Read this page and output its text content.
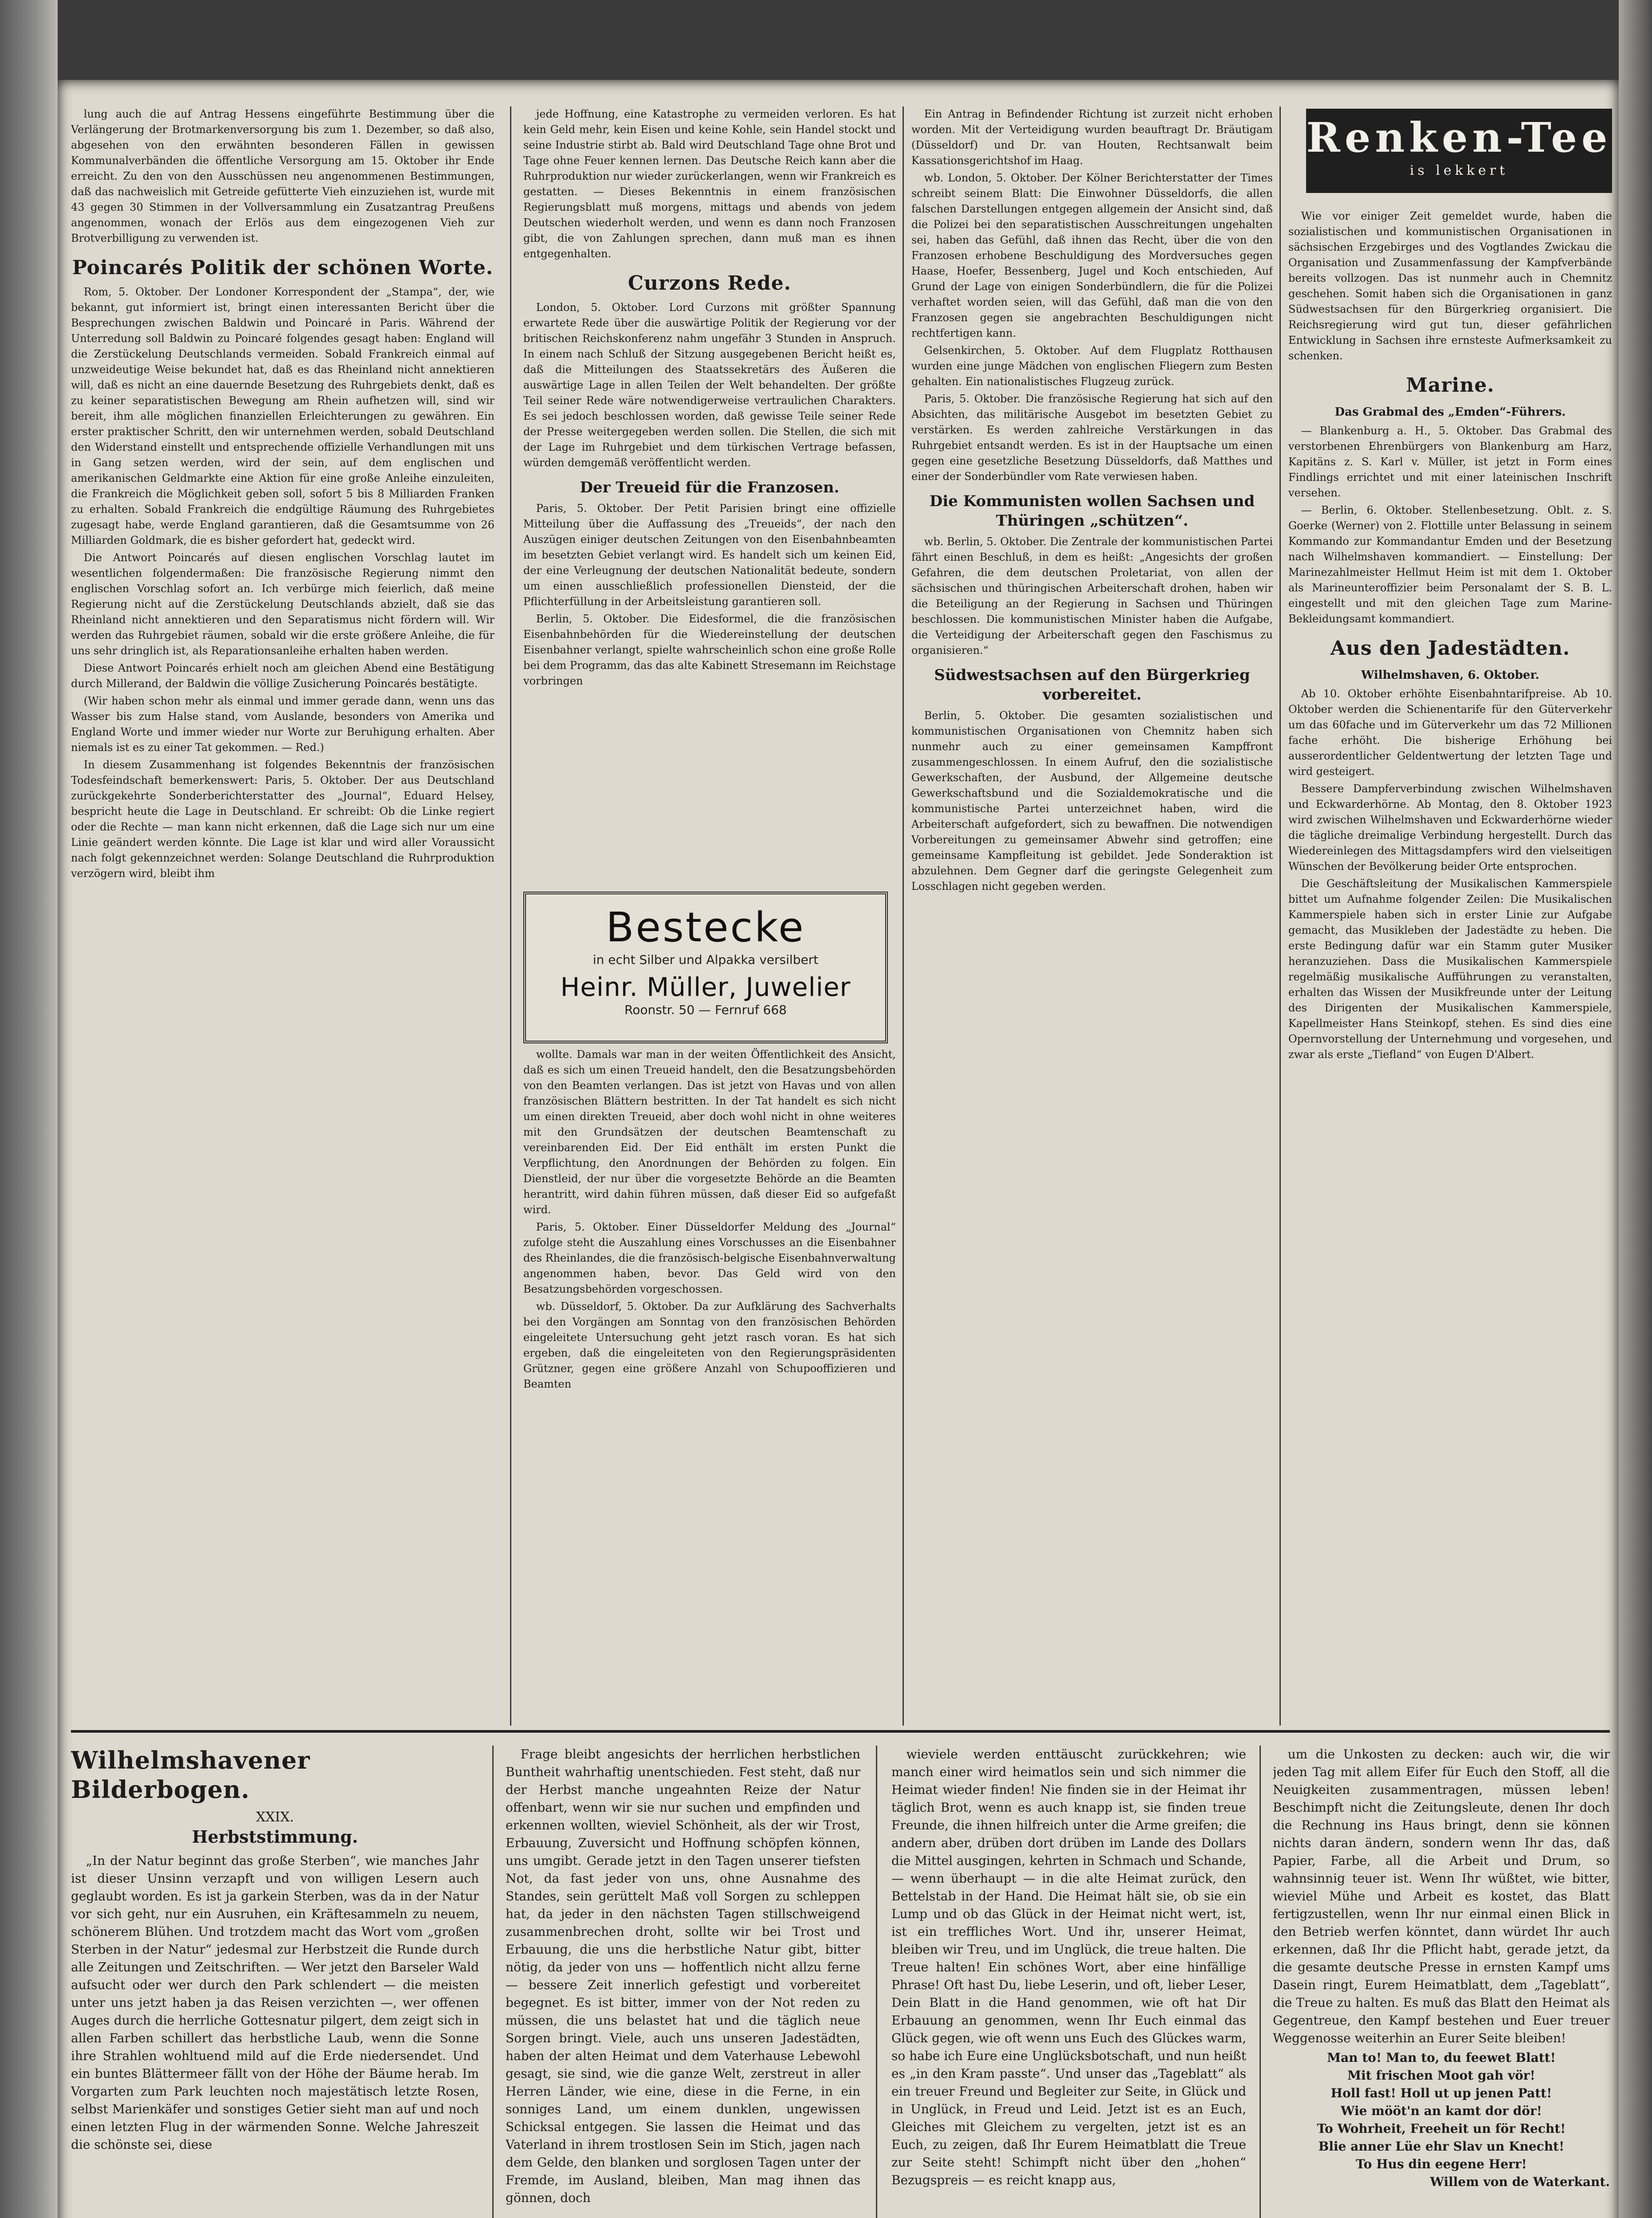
lung auch die auf Antrag Hessens eingeführte Bestimmung über die Verlängerung der Brotmarkenversorgung bis zum 1. Dezember, so daß also, abgesehen von den erwähnten besonderen Fällen in gewissen Kommunalverbänden die öffentliche Versorgung am 15. Oktober ihr Ende erreicht. Zu den von den Ausschüssen neu angenommenen Bestimmungen, daß das nachweislich mit Getreide gefütterte Vieh einzuziehen ist, wurde mit 43 gegen 30 Stimmen in der Vollversammlung ein Zusatzantrag Preußens angenommen, wonach der Erlös aus dem eingezogenen Vieh zur Brotverbilligung zu verwenden ist.

Poincarés Politik der schönen Worte.

Rom, 5. Oktober. Der Londoner Korrespondent der „Stampa“, der, wie bekannt, gut informiert ist, bringt einen interessanten Bericht über die Besprechungen zwischen Baldwin und Poincaré in Paris. Während der Unterredung soll Baldwin zu Poincaré folgendes gesagt haben: England will die Zerstückelung Deutschlands vermeiden. Sobald Frankreich einmal auf unzweideutige Weise bekundet hat, daß es das Rheinland nicht annektieren will, daß es nicht an eine dauernde Besetzung des Ruhrgebiets denkt, daß es zu keiner separatistischen Bewegung am Rhein aufhetzen will, sind wir bereit, ihm alle möglichen finanziellen Erleichterungen zu gewähren. Ein erster praktischer Schritt, den wir unternehmen werden, sobald Deutschland den Widerstand einstellt und entsprechende offizielle Verhandlungen mit uns in Gang setzen werden, wird der sein, auf dem englischen und amerikanischen Geldmarkte eine Aktion für eine große Anleihe einzuleiten, die Frankreich die Möglichkeit geben soll, sofort 5 bis 8 Milliarden Franken zu erhalten. Sobald Frankreich die endgültige Räumung des Ruhrgebietes zugesagt habe, werde England garantieren, daß die Gesamtsumme von 26 Milliarden Goldmark, die es bisher gefordert hat, gedeckt wird.

Die Antwort Poincarés auf diesen englischen Vorschlag lautet im wesentlichen folgendermaßen: Die französische Regierung nimmt den englischen Vorschlag sofort an. Ich verbürge mich feierlich, daß meine Regierung nicht auf die Zerstückelung Deutschlands abzielt, daß sie das Rheinland nicht annektieren und den Separatismus nicht fördern will. Wir werden das Ruhrgebiet räumen, sobald wir die erste größere Anleihe, die für uns sehr dringlich ist, als Reparationsanleihe erhalten haben werden.

Diese Antwort Poincarés erhielt noch am gleichen Abend eine Bestätigung durch Millerand, der Baldwin die völlige Zusicherung Poincarés bestätigte.

(Wir haben schon mehr als einmal und immer gerade dann, wenn uns das Wasser bis zum Halse stand, vom Auslande, besonders von Amerika und England Worte und immer wieder nur Worte zur Beruhigung erhalten. Aber niemals ist es zu einer Tat gekommen. — Red.)

In diesem Zusammenhang ist folgendes Bekenntnis der französischen Todesfeindschaft bemerkenswert: Paris, 5. Oktober. Der aus Deutschland zurückgekehrte Sonderberichterstatter des „Journal“, Eduard Helsey, bespricht heute die Lage in Deutschland. Er schreibt: Ob die Linke regiert oder die Rechte — man kann nicht erkennen, daß die Lage sich nur um eine Linie geändert werden könnte. Die Lage ist klar und wird aller Voraussicht nach folgt gekennzeichnet werden: Solange Deutschland die Ruhrproduktion verzögern wird, bleibt ihm

jede Hoffnung, eine Katastrophe zu vermeiden verloren. Es hat kein Geld mehr, kein Eisen und keine Kohle, sein Handel stockt und seine Industrie stirbt ab. Bald wird Deutschland Tage ohne Brot und Tage ohne Feuer kennen lernen. Das Deutsche Reich kann aber die Ruhrproduktion nur wieder zurückerlangen, wenn wir Frankreich es gestatten. — Dieses Bekenntnis in einem französischen Regierungsblatt muß morgens, mittags und abends von jedem Deutschen wiederholt werden, und wenn es dann noch Franzosen gibt, die von Zahlungen sprechen, dann muß man es ihnen entgegenhalten.

Curzons Rede.

London, 5. Oktober. Lord Curzons mit größter Spannung erwartete Rede über die auswärtige Politik der Regierung vor der britischen Reichskonferenz nahm ungefähr 3 Stunden in Anspruch. In einem nach Schluß der Sitzung ausgegebenen Bericht heißt es, daß die Mitteilungen des Staatssekretärs des Äußeren die auswärtige Lage in allen Teilen der Welt behandelten. Der größte Teil seiner Rede wäre notwendigerweise vertraulichen Charakters. Es sei jedoch beschlossen worden, daß gewisse Teile seiner Rede der Presse weitergegeben werden sollen. Die Stellen, die sich mit der Lage im Ruhrgebiet und dem türkischen Vertrage befassen, würden demgemäß veröffentlicht werden.

Der Treueid für die Franzosen.

Paris, 5. Oktober. Der Petit Parisien bringt eine offizielle Mitteilung über die Auffassung des „Treueids“, der nach den Auszügen einiger deutschen Zeitungen von den Eisenbahnbeamten im besetzten Gebiet verlangt wird. Es handelt sich um keinen Eid, der eine Verleugnung der deutschen Nationalität bedeute, sondern um einen ausschließlich professionellen Diensteid, der die Pflichterfüllung in der Arbeitsleistung garantieren soll.

Berlin, 5. Oktober. Die Eidesformel, die die französischen Eisenbahnbehörden für die Wiedereinstellung der deutschen Eisenbahner verlangt, spielte wahrscheinlich schon eine große Rolle bei dem Programm, das das alte Kabinett Stresemann im Reichstage vorbringen

Bestecke
in echt Silber und Alpakka versilbert
Heinr. Müller, Juwelier
Roonstr. 50 — Fernruf 668

wollte. Damals war man in der weiten Öffentlichkeit des Ansicht, daß es sich um einen Treueid handelt, den die Besatzungsbehörden von den Beamten verlangen. Das ist jetzt von Havas und von allen französischen Blättern bestritten. In der Tat handelt es sich nicht um einen direkten Treueid, aber doch wohl nicht in ohne weiteres mit den Grundsätzen der deutschen Beamtenschaft zu vereinbarenden Eid. Der Eid enthält im ersten Punkt die Verpflichtung, den Anordnungen der Behörden zu folgen. Ein Dienstleid, der nur über die vorgesetzte Behörde an die Beamten herantritt, wird dahin führen müssen, daß dieser Eid so aufgefaßt wird.

Paris, 5. Oktober. Einer Düsseldorfer Meldung des „Journal“ zufolge steht die Auszahlung eines Vorschusses an die Eisenbahner des Rheinlandes, die die französisch-belgische Eisenbahnverwaltung angenommen haben, bevor. Das Geld wird von den Besatzungsbehörden vorgeschossen.

wb. Düsseldorf, 5. Oktober. Da zur Aufklärung des Sachverhalts bei den Vorgängen am Sonntag von den französischen Behörden eingeleitete Untersuchung geht jetzt rasch voran. Es hat sich ergeben, daß die eingeleiteten von den Regierungspräsidenten Grützner, gegen eine größere Anzahl von Schupooffizieren und Beamten

Ein Antrag in Befindender Richtung ist zurzeit nicht erhoben worden. Mit der Verteidigung wurden beauftragt Dr. Bräutigam (Düsseldorf) und Dr. van Houten, Rechtsanwalt beim Kassationsgerichtshof im Haag.

wb. London, 5. Oktober. Der Kölner Berichterstatter der Times schreibt seinem Blatt: Die Einwohner Düsseldorfs, die allen falschen Darstellungen entgegen allgemein der Ansicht sind, daß die Polizei bei den separatistischen Ausschreitungen ungehalten sei, haben das Gefühl, daß ihnen das Recht, über die von den Franzosen erhobene Beschuldigung des Mordversuches gegen Haase, Hoefer, Bessenberg, Jugel und Koch entschieden, Auf Grund der Lage von einigen Sonderbündlern, die für die Polizei verhaftet worden seien, will das Gefühl, daß man die von den Franzosen gegen sie angebrachten Beschuldigungen nicht rechtfertigen kann.

Gelsenkirchen, 5. Oktober. Auf dem Flugplatz Rotthausen wurden eine junge Mädchen von englischen Fliegern zum Besten gehalten. Ein nationalistisches Flugzeug zurück.

Paris, 5. Oktober. Die französische Regierung hat sich auf den Absichten, das militärische Ausgebot im besetzten Gebiet zu verstärken. Es werden zahlreiche Verstärkungen in das Ruhrgebiet entsandt werden. Es ist in der Hauptsache um einen gegen eine gesetzliche Besetzung Düsseldorfs, daß Matthes und einer der Sonderbündler vom Rate verwiesen haben.

Die Kommunisten wollen Sachsen und Thüringen „schützen“.

wb. Berlin, 5. Oktober. Die Zentrale der kommunistischen Partei fährt einen Beschluß, in dem es heißt: „Angesichts der großen Gefahren, die dem deutschen Proletariat, von allen der sächsischen und thüringischen Arbeiterschaft drohen, haben wir die Beteiligung an der Regierung in Sachsen und Thüringen beschlossen. Die kommunistischen Minister haben die Aufgabe, die Verteidigung der Arbeiterschaft gegen den Faschismus zu organisieren.“

Südwestsachsen auf den Bürgerkrieg vorbereitet.

Berlin, 5. Oktober. Die gesamten sozialistischen und kommunistischen Organisationen von Chemnitz haben sich nunmehr auch zu einer gemeinsamen Kampffront zusammengeschlossen. In einem Aufruf, den die sozialistische Gewerkschaften, der Ausbund, der Allgemeine deutsche Gewerkschaftsbund und die Sozialdemokratische und die kommunistische Partei unterzeichnet haben, wird die Arbeiterschaft aufgefordert, sich zu bewaffnen. Die notwendigen Vorbereitungen zu gemeinsamer Abwehr sind getroffen; eine gemeinsame Kampfleitung ist gebildet. Jede Sonderaktion ist abzulehnen. Dem Gegner darf die geringste Gelegenheit zum Losschlagen nicht gegeben werden.

Renken-Tee
is lekkert

Wie vor einiger Zeit gemeldet wurde, haben die sozialistischen und kommunistischen Organisationen in sächsischen Erzgebirges und des Vogtlandes Zwickau die Organisation und Zusammenfassung der Kampfverbände bereits vollzogen. Das ist nunmehr auch in Chemnitz geschehen. Somit haben sich die Organisationen in ganz Südwestsachsen für den Bürgerkrieg organisiert. Die Reichsregierung wird gut tun, dieser gefährlichen Entwicklung in Sachsen ihre ernsteste Aufmerksamkeit zu schenken.

Marine.
Das Grabmal des „Emden“-Führers.

— Blankenburg a. H., 5. Oktober. Das Grabmal des verstorbenen Ehrenbürgers von Blankenburg am Harz, Kapitäns z. S. Karl v. Müller, ist jetzt in Form eines Findlings errichtet und mit einer lateinischen Inschrift versehen.

— Berlin, 6. Oktober. Stellenbesetzung. Oblt. z. S. Goerke (Werner) von 2. Flottille unter Belassung in seinem Kommando zur Kommandantur Emden und der Besetzung nach Wilhelmshaven kommandiert. — Einstellung: Der Marinezahlmeister Hellmut Heim ist mit dem 1. Oktober als Marineunteroffizier beim Personalamt der S. B. L. eingestellt und mit den gleichen Tage zum Marine-Bekleidungsamt kommandiert.

Aus den Jadestädten.
Wilhelmshaven, 6. Oktober.

Ab 10. Oktober erhöhte Eisenbahntarifpreise. Ab 10. Oktober werden die Schienentarife für den Güterverkehr um das 60fache und im Güterverkehr um das 72 Millionen fache erhöht. Die bisherige Erhöhung bei ausserordentlicher Geldentwertung der letzten Tage und wird gesteigert.

Bessere Dampferverbindung zwischen Wilhelmshaven und Eckwarderhörne. Ab Montag, den 8. Oktober 1923 wird zwischen Wilhelmshaven und Eckwarderhörne wieder die tägliche dreimalige Verbindung hergestellt. Durch das Wiedereinlegen des Mittagsdampfers wird den vielseitigen Wünschen der Bevölkerung beider Orte entsprochen.

Die Geschäftsleitung der Musikalischen Kammerspiele bittet um Aufnahme folgender Zeilen: Die Musikalischen Kammerspiele haben sich in erster Linie zur Aufgabe gemacht, das Musikleben der Jadestädte zu heben. Die erste Bedingung dafür war ein Stamm guter Musiker heranzuziehen. Dass die Musikalischen Kammerspiele regelmäßig musikalische Aufführungen zu veranstalten, erhalten das Wissen der Musikfreunde unter der Leitung des Dirigenten der Musikalischen Kammerspiele, Kapellmeister Hans Steinkopf, stehen. Es sind dies eine Opernvorstellung der Unternehmung und vorgesehen, und zwar als erste „Tiefland“ von Eugen D'Albert.

Wilhelmshavener Bilderbogen.
XXIX.
Herbststimmung.

„In der Natur beginnt das große Sterben“, wie manches Jahr ist dieser Unsinn verzapft und von willigen Lesern auch geglaubt worden. Es ist ja garkein Sterben, was da in der Natur vor sich geht, nur ein Ausruhen, ein Kräftesammeln zu neuem, schönerem Blühen. Und trotzdem macht das Wort vom „großen Sterben in der Natur“ jedesmal zur Herbstzeit die Runde durch alle Zeitungen und Zeitschriften. — Wer jetzt den Barseler Wald aufsucht oder wer durch den Park schlendert — die meisten unter uns jetzt haben ja das Reisen verzichten —, wer offenen Auges durch die herrliche Gottesnatur pilgert, dem zeigt sich in allen Farben schillert das herbstliche Laub, wenn die Sonne ihre Strahlen wohltuend mild auf die Erde niedersendet. Und ein buntes Blättermeer fällt von der Höhe der Bäume herab. Im Vorgarten zum Park leuchten noch majestätisch letzte Rosen, selbst Marienkäfer und sonstiges Getier sieht man auf und noch einen letzten Flug in der wärmenden Sonne. Welche Jahreszeit die schönste sei, diese

Frage bleibt angesichts der herrlichen herbstlichen Buntheit wahrhaftig unentschieden. Fest steht, daß nur der Herbst manche ungeahnten Reize der Natur offenbart, wenn wir sie nur suchen und empfinden und erkennen wollten, wieviel Schönheit, als der wir Trost, Erbauung, Zuversicht und Hoffnung schöpfen können, uns umgibt. Gerade jetzt in den Tagen unserer tiefsten Not, da fast jeder von uns, ohne Ausnahme des Standes, sein gerüttelt Maß voll Sorgen zu schleppen hat, da jeder in den nächsten Tagen stillschweigend zusammenbrechen droht, sollte wir bei Trost und Erbauung, die uns die herbstliche Natur gibt, bitter nötig, da jeder von uns — hoffentlich nicht allzu ferne — bessere Zeit innerlich gefestigt und vorbereitet begegnet. Es ist bitter, immer von der Not reden zu müssen, die uns belastet hat und die täglich neue Sorgen bringt. Viele, auch uns unseren Jadestädten, haben der alten Heimat und dem Vaterhause Lebewohl gesagt, sie sind, wie die ganze Welt, zerstreut in aller Herren Länder, wie eine, diese in die Ferne, in ein sonniges Land, um einem dunklen, ungewissen Schicksal entgegen. Sie lassen die Heimat und das Vaterland in ihrem trostlosen Sein im Stich, jagen nach dem Gelde, den blanken und sorglosen Tagen unter der Fremde, im Ausland, bleiben, Man mag ihnen das gönnen, doch

wieviele werden enttäuscht zurückkehren; wie manch einer wird heimatlos sein und sich nimmer die Heimat wieder finden! Nie finden sie in der Heimat ihr täglich Brot, wenn es auch knapp ist, sie finden treue Freunde, die ihnen hilfreich unter die Arme greifen; die andern aber, drüben dort drüben im Lande des Dollars die Mittel ausgingen, kehrten in Schmach und Schande, — wenn überhaupt — in die alte Heimat zurück, den Bettelstab in der Hand. Die Heimat hält sie, ob sie ein Lump und ob das Glück in der Heimat nicht wert, ist, ist ein treffliches Wort. Und ihr, unserer Heimat, bleiben wir Treu, und im Unglück, die treue halten. Die Treue halten! Ein schönes Wort, aber eine hinfällige Phrase! Oft hast Du, liebe Leserin, und oft, lieber Leser, Dein Blatt in die Hand genommen, wie oft hat Dir Erbauung an genommen, wenn Ihr Euch einmal das Glück gegen, wie oft wenn uns Euch des Glückes warm, so habe ich Eure eine Unglücksbotschaft, und nun heißt es „in den Kram passte“. Und unser das „Tageblatt“ als ein treuer Freund und Begleiter zur Seite, in Glück und in Unglück, in Freud und Leid. Jetzt ist es an Euch, Gleiches mit Gleichem zu vergelten, jetzt ist es an Euch, zu zeigen, daß Ihr Eurem Heimatblatt die Treue zur Seite steht! Schimpft nicht über den „hohen“ Bezugspreis — es reicht knapp aus,

um die Unkosten zu decken: auch wir, die wir jeden Tag mit allem Eifer für Euch den Stoff, all die Neuigkeiten zusammentragen, müssen leben! Beschimpft nicht die Zeitungsleute, denen Ihr doch die Rechnung ins Haus bringt, denn sie können nichts daran ändern, sondern wenn Ihr das, daß Papier, Farbe, all die Arbeit und Drum, so wahnsinnig teuer ist. Wenn Ihr wüßtet, wie bitter, wieviel Mühe und Arbeit es kostet, das Blatt fertigzustellen, wenn Ihr nur einmal einen Blick in den Betrieb werfen könntet, dann würdet Ihr auch erkennen, daß Ihr die Pflicht habt, gerade jetzt, da die gesamte deutsche Presse in ernsten Kampf ums Dasein ringt, Eurem Heimatblatt, dem „Tageblatt“, die Treue zu halten. Es muß das Blatt den Heimat als Gegentreue, den Kampf bestehen und Euer treuer Weggenosse weiterhin an Eurer Seite bleiben!

Man to! Man to, du feewet Blatt!
Mit frischen Moot gah vör!
Holl fast! Holl ut up jenen Patt!
Wie mööt'n an kamt dor dör!
To Wohrheit, Freeheit un för Recht!
Blie anner Lüe ehr Slav un Knecht!
To Hus din eegene Herr!
Willem von de Waterkant.
